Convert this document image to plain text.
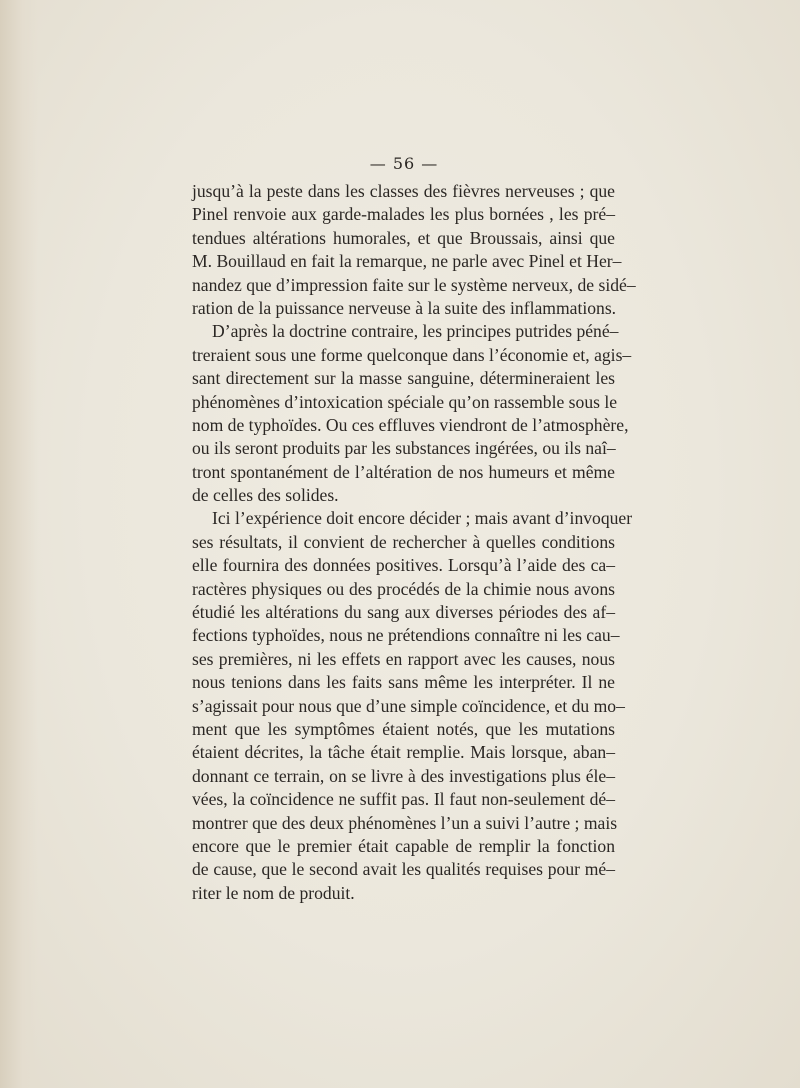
— 56 —
jusqu’à la peste dans les classes des fièvres nerveuses ; que
Pinel renvoie aux garde-malades les plus bornées , les pré–
tendues altérations humorales, et que Broussais, ainsi que
M. Bouillaud en fait la remarque, ne parle avec Pinel et Her–
nandez que d’impression faite sur le système nerveux, de sidé–
ration de la puissance nerveuse à la suite des inflammations.
D’après la doctrine contraire, les principes putrides péné–
treraient sous une forme quelconque dans l’économie et, agis–
sant directement sur la masse sanguine, détermineraient les
phénomènes d’intoxication spéciale qu’on rassemble sous le
nom de typhoïdes. Ou ces effluves viendront de l’atmosphère,
ou ils seront produits par les substances ingérées, ou ils naî–
tront spontanément de l’altération de nos humeurs et même
de celles des solides.
Ici l’expérience doit encore décider ; mais avant d’invoquer
ses résultats, il convient de rechercher à quelles conditions
elle fournira des données positives. Lorsqu’à l’aide des ca–
ractères physiques ou des procédés de la chimie nous avons
étudié les altérations du sang aux diverses périodes des af–
fections typhoïdes, nous ne prétendions connaître ni les cau–
ses premières, ni les effets en rapport avec les causes, nous
nous tenions dans les faits sans même les interpréter. Il ne
s’agissait pour nous que d’une simple coïncidence, et du mo–
ment que les symptômes étaient notés, que les mutations
étaient décrites, la tâche était remplie. Mais lorsque, aban–
donnant ce terrain, on se livre à des investigations plus éle–
vées, la coïncidence ne suffit pas. Il faut non-seulement dé–
montrer que des deux phénomènes l’un a suivi l’autre ; mais
encore que le premier était capable de remplir la fonction
de cause, que le second avait les qualités requises pour mé–
riter le nom de produit.
